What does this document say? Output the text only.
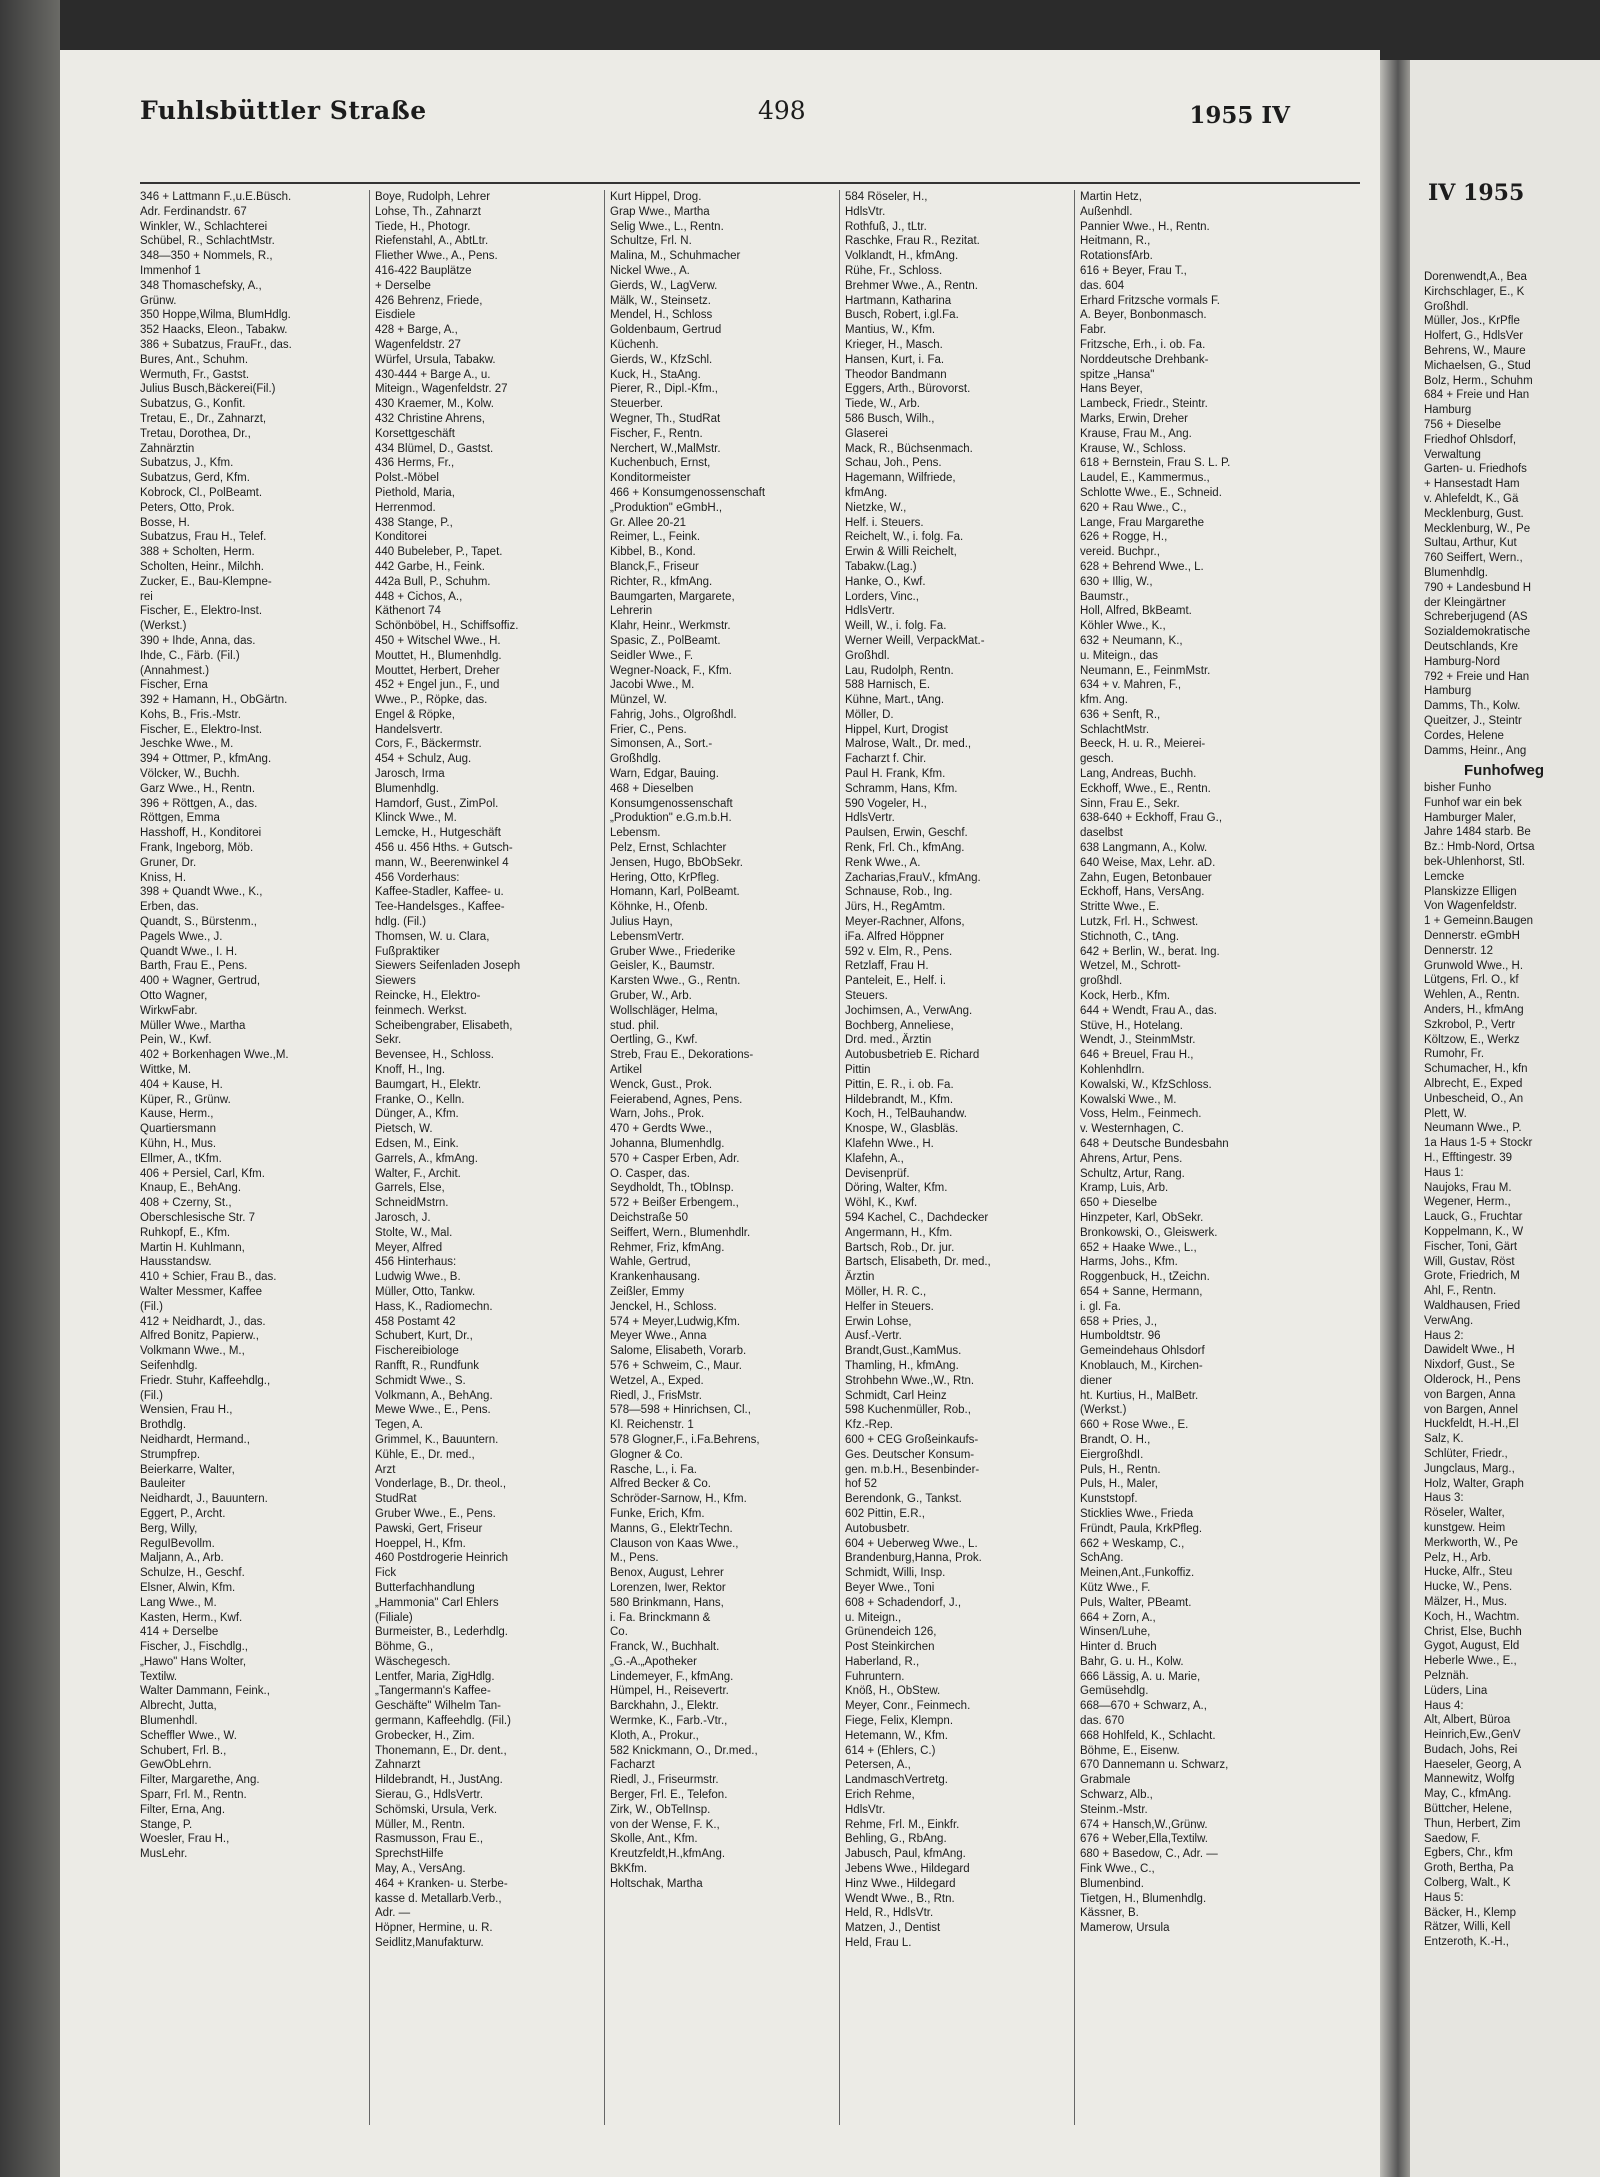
Fuhlsbüttler Straße	498	1955 IV
346 + Lattmann F.,u.E.Büsch.
Adr. Ferdinandstr. 67
Winkler, W., Schlachterei
Schübel, R., SchlachtMstr.
348—350 + Nommels, R.,
Immenhof 1
348 Thomaschefsky, A.,
Grünw.
350 Hoppe,Wilma, BlumHdlg.
352 Haacks, Eleon., Tabakw.
386 + Subatzus, FrauFr., das.
Bures, Ant., Schuhm.
Wermuth, Fr., Gastst.
Julius Busch,Bäckerei(Fil.)
Subatzus, G., Konfit.
Tretau, E., Dr., Zahnarzt,
Tretau, Dorothea, Dr.,
Zahnärztin
Subatzus, J., Kfm.
Subatzus, Gerd, Kfm.
Kobrock, Cl., PolBeamt.
Peters, Otto, Prok.
Bosse, H.
Subatzus, Frau H., Telef.
388 + Scholten, Herm.
Scholten, Heinr., Milchh.
Zucker, E., Bau-Klempne-
rei
Fischer, E., Elektro-Inst.
(Werkst.)
390 + Ihde, Anna, das.
Ihde, C., Färb. (Fil.)
(Annahmest.)
Fischer, Erna
392 + Hamann, H., ObGärtn.
Kohs, B., Fris.-Mstr.
Fischer, E., Elektro-Inst.
Jeschke Wwe., M.
394 + Ottmer, P., kfmAng.
Völcker, W., Buchh.
Garz Wwe., H., Rentn.
396 + Röttgen, A., das.
Röttgen, Emma
Hasshoff, H., Konditorei
Frank, Ingeborg, Möb.
Gruner, Dr.
Kniss, H.
398 + Quandt Wwe., K.,
Erben, das.
Quandt, S., Bürstenm.,
Pagels Wwe., J.
Quandt Wwe., I. H.
Barth, Frau E., Pens.
400 + Wagner, Gertrud,
Otto Wagner,
WirkwFabr.
Müller Wwe., Martha
Pein, W., Kwf.
402 + Borkenhagen Wwe.,M.
Wittke, M.
404 + Kause, H.
Küper, R., Grünw.
Kause, Herm.,
Quartiersmann
Kühn, H., Mus.
Ellmer, A., tKfm.
406 + Persiel, Carl, Kfm.
Knaup, E., BehAng.
408 + Czerny, St.,
Oberschlesische Str. 7
Ruhkopf, E., Kfm.
Martin H. Kuhlmann,
Hausstandsw.
410 + Schier, Frau B., das.
Walter Messmer, Kaffee
(Fil.)
412 + Neidhardt, J., das.
Alfred Bonitz, Papierw.,
Volkmann Wwe., M.,
Seifenhdlg.
Friedr. Stuhr, Kaffeehdlg.,
(Fil.)
Wensien, Frau H.,
Brothdlg.
Neidhardt, Hermand.,
Strumpfrep.
Beierkarre, Walter,
Bauleiter
Neidhardt, J., Bauuntern.
Eggert, P., Archt.
Berg, Willy,
ReguIBevollm.
Maljann, A., Arb.
Schulze, H., Geschf.
Elsner, Alwin, Kfm.
Lang Wwe., M.
Kasten, Herm., Kwf.
414 + Derselbe
Fischer, J., Fischdlg.,
„Hawo" Hans Wolter,
Textilw.
Walter Dammann, Feink.,
Albrecht, Jutta,
Blumenhdl.
Scheffler Wwe., W.
Schubert, Frl. B.,
GewObLehrn.
Filter, Margarethe, Ang.
Sparr, Frl. M., Rentn.
Filter, Erna, Ang.
Stange, P.
Woesler, Frau H.,
MusLehr.
Boye, Rudolph, Lehrer
Lohse, Th., Zahnarzt
Tiede, H., Photogr.
Riefenstahl, A., AbtLtr.
Fliether Wwe., A., Pens.
416-422 Bauplätze
+ Derselbe
426 Behrenz, Friede,
Eisdiele
428 + Barge, A.,
Wagenfeldstr. 27
Würfel, Ursula, Tabakw.
430-444 + Barge A., u.
Miteign., Wagenfeldstr. 27
430 Kraemer, M., Kolw.
432 Christine Ahrens,
Korsettgeschäft
434 Blümel, D., Gastst.
436 Herms, Fr.,
Polst.-Möbel
Piethold, Maria,
Herrenmod.
438 Stange, P.,
Konditorei
440 Bubeleber, P., Tapet.
442 Garbe, H., Feink.
442a Bull, P., Schuhm.
448 + Cichos, A.,
Käthenort 74
Schönböbel, H., Schiffsoffiz.
450 + Witschel Wwe., H.
Mouttet, H., Blumenhdlg.
Mouttet, Herbert, Dreher
452 + Engel jun., F., und
Wwe., P., Röpke, das.
Engel & Röpke,
Handelsvertr.
Cors, F., Bäckermstr.
454 + Schulz, Aug.
Jarosch, Irma
Blumenhdlg.
Hamdorf, Gust., ZimPol.
Klinck Wwe., M.
Lemcke, H., Hutgeschäft
456 u. 456 Hths. + Gutsch-
mann, W., Beerenwinkel 4
456 Vorderhaus:
Kaffee-Stadler, Kaffee- u.
Tee-Handelsges., Kaffee-
hdlg. (Fil.)
Thomsen, W. u. Clara,
Fußpraktiker
Siewers Seifenladen Joseph
Siewers
Reincke, H., Elektro-
feinmech. Werkst.
Scheibengraber, Elisabeth,
Sekr.
Bevensee, H., Schloss.
Knoff, H., Ing.
Baumgart, H., Elektr.
Franke, O., Kelln.
Dünger, A., Kfm.
Pietsch, W.
Edsen, M., Eink.
Garrels, A., kfmAng.
Walter, F., Archit.
Garrels, Else,
SchneidMstrn.
Jarosch, J.
Stolte, W., Mal.
Meyer, Alfred
456 Hinterhaus:
Ludwig Wwe., B.
Müller, Otto, Tankw.
Hass, K., Radiomechn.
458 Postamt 42
Schubert, Kurt, Dr.,
Fischereibiologe
Ranfft, R., Rundfunk
Schmidt Wwe., S.
Volkmann, A., BehAng.
Mewe Wwe., E., Pens.
Tegen, A.
Grimmel, K., Bauuntern.
Kühle, E., Dr. med.,
Arzt
Vonderlage, B., Dr. theol.,
StudRat
Gruber Wwe., E., Pens.
Pawski, Gert, Friseur
Hoeppel, H., Kfm.
460 Postdrogerie Heinrich
Fick
Butterfachhandlung
„Hammonia" Carl Ehlers
(Filiale)
Burmeister, B., Lederhdlg.
Böhme, G.,
Wäschegesch.
Lentfer, Maria, ZigHdlg.
„Tangermann's Kaffee-
Geschäfte" Wilhelm Tan-
germann, Kaffeehdlg. (Fil.)
Grobecker, H., Zim.
Thonemann, E., Dr. dent.,
Zahnarzt
Hildebrandt, H., JustAng.
Sierau, G., HdlsVertr.
Schömski, Ursula, Verk.
Müller, M., Rentn.
Rasmusson, Frau E.,
SprechstHilfe
May, A., VersAng.
464 + Kranken- u. Sterbe-
kasse d. Metallarb.Verb.,
Adr. —
Höpner, Hermine, u. R.
Seidlitz,Manufakturw.
Kurt Hippel, Drog.
Grap Wwe., Martha
Selig Wwe., L., Rentn.
Schultze, Frl. N.
Malina, M., Schuhmacher
Nickel Wwe., A.
Gierds, W., LagVerw.
Mälk, W., Steinsetz.
Mendel, H., Schloss
Goldenbaum, Gertrud
Küchenh.
Gierds, W., KfzSchl.
Kuck, H., StaAng.
Pierer, R., Dipl.-Kfm.,
Steuerber.
Wegner, Th., StudRat
Fischer, F., Rentn.
Nerchert, W.,MalMstr.
Kuchenbuch, Ernst,
Konditormeister
466 + Konsumgenossenschaft
„Produktion" eGmbH.,
Gr. Allee 20-21
Reimer, L., Feink.
Kibbel, B., Kond.
Blanck,F., Friseur
Richter, R., kfmAng.
Baumgarten, Margarete,
Lehrerin
Klahr, Heinr., Werkmstr.
Spasic, Z., PolBeamt.
Seidler Wwe., F.
Wegner-Noack, F., Kfm.
Jacobi Wwe., M.
Münzel, W.
Fahrig, Johs., Olgroßhdl.
Frier, C., Pens.
Simonsen, A., Sort.-
Großhdlg.
Warn, Edgar, Bauing.
468 + Dieselben
Konsumgenossenschaft
„Produktion" e.G.m.b.H.
Lebensm.
Pelz, Ernst, Schlachter
Jensen, Hugo, BbObSekr.
Hering, Otto, KrPfleg.
Homann, Karl, PolBeamt.
Köhnke, H., Ofenb.
Julius Hayn,
LebensmVertr.
Gruber Wwe., Friederike
Geisler, K., Baumstr.
Karsten Wwe., G., Rentn.
Gruber, W., Arb.
Wollschläger, Helma,
stud. phil.
Oertling, G., Kwf.
Streb, Frau E., Dekorations-
Artikel
Wenck, Gust., Prok.
Feierabend, Agnes, Pens.
Warn, Johs., Prok.
470 + Gerdts Wwe.,
Johanna, Blumenhdlg.
570 + Casper Erben, Adr.
O. Casper, das.
Seydholdt, Th., tObInsp.
572 + Beißer Erbengem.,
Deichstraße 50
Seiffert, Wern., Blumenhdlr.
Rehmer, Friz, kfmAng.
Wahle, Gertrud,
Krankenhausang.
Zeißler, Emmy
Jenckel, H., Schloss.
574 + Meyer,Ludwig,Kfm.
Meyer Wwe., Anna
Salome, Elisabeth, Vorarb.
576 + Schweim, C., Maur.
Wetzel, A., Exped.
Riedl, J., FrisMstr.
578—598 + Hinrichsen, Cl.,
Kl. Reichenstr. 1
578 Glogner,F., i.Fa.Behrens,
Glogner & Co.
Rasche, L., i. Fa.
Alfred Becker & Co.
Schröder-Sarnow, H., Kfm.
Funke, Erich, Kfm.
Manns, G., ElektrTechn.
Clauson von Kaas Wwe.,
M., Pens.
Benox, August, Lehrer
Lorenzen, Iwer, Rektor
580 Brinkmann, Hans,
i. Fa. Brinckmann &
Co.
Franck, W., Buchhalt.
„G.-A.„Apotheker
Lindemeyer, F., kfmAng.
Hümpel, H., Reisevertr.
Barckhahn, J., Elektr.
Wermke, K., Farb.-Vtr.,
Kloth, A., Prokur.,
582 Knickmann, O., Dr.med.,
Facharzt
Riedl, J., Friseurmstr.
Berger, Frl. E., Telefon.
Zirk, W., ObTelInsp.
von der Wense, F. K.,
Skolle, Ant., Kfm.
Kreutzfeldt,H.,kfmAng.
BkKfm.
Holtschak, Martha
584 Röseler, H.,
HdlsVtr.
Rothfuß, J., tLtr.
Raschke, Frau R., Rezitat.
Volklandt, H., kfmAng.
Rühe, Fr., Schloss.
Brehmer Wwe., A., Rentn.
Hartmann, Katharina
Busch, Robert, i.gl.Fa.
Mantius, W., Kfm.
Krieger, H., Masch.
Hansen, Kurt, i. Fa.
Theodor Bandmann
Eggers, Arth., Bürovorst.
Tiede, W., Arb.
586 Busch, Wilh.,
Glaserei
Mack, R., Büchsenmach.
Schau, Joh., Pens.
Hagemann, Wilfriede,
kfmAng.
Nietzke, W.,
Helf. i. Steuers.
Reichelt, W., i. folg. Fa.
Erwin & Willi Reichelt,
Tabakw.(Lag.)
Hanke, O., Kwf.
Lorders, Vinc.,
HdlsVertr.
Weill, W., i. folg. Fa.
Werner Weill, VerpackMat.-
Großhdl.
Lau, Rudolph, Rentn.
588 Harnisch, E.
Kühne, Mart., tAng.
Möller, D.
Hippel, Kurt, Drogist
Malrose, Walt., Dr. med.,
Facharzt f. Chir.
Paul H. Frank, Kfm.
Schramm, Hans, Kfm.
590 Vogeler, H.,
HdlsVertr.
Paulsen, Erwin, Geschf.
Renk, Frl. Ch., kfmAng.
Renk Wwe., A.
Zacharias,FrauV., kfmAng.
Schnause, Rob., Ing.
Jürs, H., RegAmtm.
Meyer-Rachner, Alfons,
iFa. Alfred Höppner
592 v. Elm, R., Pens.
Retzlaff, Frau H.
Panteleit, E., Helf. i.
Steuers.
Jochimsen, A., VerwAng.
Bochberg, Anneliese,
Drd. med., Ärztin
Autobusbetrieb E. Richard
Pittin
Pittin, E. R., i. ob. Fa.
Hildebrandt, M., Kfm.
Koch, H., TelBauhandw.
Knospe, W., Glasbläs.
Klafehn Wwe., H.
Klafehn, A.,
Devisenprüf.
Döring, Walter, Kfm.
Wöhl, K., Kwf.
594 Kachel, C., Dachdecker
Angermann, H., Kfm.
Bartsch, Rob., Dr. jur.
Bartsch, Elisabeth, Dr. med.,
Ärztin
Möller, H. R. C.,
Helfer in Steuers.
Erwin Lohse,
Ausf.-Vertr.
Brandt,Gust.,KamMus.
Thamling, H., kfmAng.
Strohbehn Wwe.,W., Rtn.
Schmidt, Carl Heinz
598 Kuchenmüller, Rob.,
Kfz.-Rep.
600 + CEG Großeinkaufs-
Ges. Deutscher Konsum-
gen. m.b.H., Besenbinder-
hof 52
Berendonk, G., Tankst.
602 Pittin, E.R.,
Autobusbetr.
604 + Ueberweg Wwe., L.
Brandenburg,Hanna, Prok.
Schmidt, Willi, Insp.
Beyer Wwe., Toni
608 + Schadendorf, J.,
u. Miteign.,
Grünendeich 126,
Post Steinkirchen
Haberland, R.,
Fuhruntern.
Knöß, H., ObStew.
Meyer, Conr., Feinmech.
Fiege, Felix, Klempn.
Hetemann, W., Kfm.
614 + (Ehlers, C.)
Petersen, A.,
LandmaschVertretg.
Erich Rehme,
HdlsVtr.
Rehme, Frl. M., Einkfr.
Behling, G., RbAng.
Jabusch, Paul, kfmAng.
Jebens Wwe., Hildegard
Hinz Wwe., Hildegard
Wendt Wwe., B., Rtn.
Held, R., HdlsVtr.
Matzen, J., Dentist
Held, Frau L.
Martin Hetz,
Außenhdl.
Pannier Wwe., H., Rentn.
Heitmann, R.,
RotationsfArb.
616 + Beyer, Frau T.,
das. 604
Erhard Fritzsche vormals F.
A. Beyer, Bonbonmasch.
Fabr.
Fritzsche, Erh., i. ob. Fa.
Norddeutsche Drehbank-
spitze „Hansa"
Hans Beyer,
Lambeck, Friedr., Steintr.
Marks, Erwin, Dreher
Krause, Frau M., Ang.
Krause, W., Schloss.
618 + Bernstein, Frau S. L. P.
Laudel, E., Kammermus.,
Schlotte Wwe., E., Schneid.
620 + Rau Wwe., C.,
Lange, Frau Margarethe
626 + Rogge, H.,
vereid. Buchpr.,
628 + Behrend Wwe., L.
630 + Illig, W.,
Baumstr.,
Holl, Alfred, BkBeamt.
Köhler Wwe., K.,
632 + Neumann, K.,
u. Miteign., das
Neumann, E., FeinmMstr.
634 + v. Mahren, F.,
kfm. Ang.
636 + Senft, R.,
SchlachtMstr.
Beeck, H. u. R., Meierei-
gesch.
Lang, Andreas, Buchh.
Eckhoff, Wwe., E., Rentn.
Sinn, Frau E., Sekr.
638-640 + Eckhoff, Frau G.,
daselbst
638 Langmann, A., Kolw.
640 Weise, Max, Lehr. aD.
Zahn, Eugen, Betonbauer
Eckhoff, Hans, VersAng.
Stritte Wwe., E.
Lutzk, Frl. H., Schwest.
Stichnoth, C., tAng.
642 + Berlin, W., berat. Ing.
Wetzel, M., Schrott-
großhdl.
Kock, Herb., Kfm.
644 + Wendt, Frau A., das.
Stüve, H., Hotelang.
Wendt, J., SteinmMstr.
646 + Breuel, Frau H.,
Kohlenhdlrn.
Kowalski, W., KfzSchloss.
Kowalski Wwe., M.
Voss, Helm., Feinmech.
v. Westernhagen, C.
648 + Deutsche Bundesbahn
Ahrens, Artur, Pens.
Schultz, Artur, Rang.
Kramp, Luis, Arb.
650 + Dieselbe
Hinzpeter, Karl, ObSekr.
Bronkowski, O., Gleiswerk.
652 + Haake Wwe., L.,
Harms, Johs., Kfm.
Roggenbuck, H., tZeichn.
654 + Sanne, Hermann,
i. gl. Fa.
658 + Pries, J.,
Humboldtstr. 96
Gemeindehaus Ohlsdorf
Knoblauch, M., Kirchen-
diener
ht. Kurtius, H., MalBetr.
(Werkst.)
660 + Rose Wwe., E.
Brandt, O. H.,
EiergroßhdI.
Puls, H., Rentn.
Puls, H., Maler,
Kunststopf.
Sticklies Wwe., Frieda
Fründt, Paula, KrkPfleg.
662 + Weskamp, C.,
SchAng.
Meinen,Ant.,Funkoffiz.
Kütz Wwe., F.
Puls, Walter, PBeamt.
664 + Zorn, A.,
Winsen/Luhe,
Hinter d. Bruch
Bahr, G. u. H., Kolw.
666 Lässig, A. u. Marie,
Gemüsehdlg.
668—670 + Schwarz, A.,
das. 670
668 Hohlfeld, K., Schlacht.
Böhme, E., Eisenw.
670 Dannemann u. Schwarz,
Grabmale
Schwarz, Alb.,
Steinm.-Mstr.
674 + Hansch,W.,Grünw.
676 + Weber,Ella,Textilw.
680 + Basedow, C., Adr. —
Fink Wwe., C.,
Blumenbind.
Tietgen, H., Blumenhdlg.
Kässner, B.
Mamerow, Ursula
IV 1955
Dorenwendt,A., Bea
Kirchschlager, E., K
Großhdl.
Müller, Jos., KrPfle
Holfert, G., HdlsVer
Behrens, W., Maure
Michaelsen, G., Stud
Bolz, Herm., Schuhm
684 + Freie und Han
Hamburg
756 + Dieselbe
Friedhof Ohlsdorf,
Verwaltung
Garten- u. Friedhofs
+ Hansestadt Ham
v. Ahlefeldt, K., Gä
Mecklenburg, Gust.
Mecklenburg, W., Pe
Sultau, Arthur, Kut
760 Seiffert, Wern.,
Blumenhdlg.
790 + Landesbund H
der Kleingärtner
Schreberjugend (AS
Sozialdemokratische
Deutschlands, Kre
Hamburg-Nord
792 + Freie und Han
Hamburg
Damms, Th., Kolw.
Queitzer, J., Steintr
Cordes, Helene
Damms, Heinr., Ang
Funhofweg
bisher Funho
Funhof war ein bek
Hamburger Maler,
Jahre 1484 starb. Be
Bz.: Hmb-Nord, Ortsa
bek-Uhlenhorst, Stl.
Lemcke
Planskizze Elligen
Von Wagenfeldstr.
1 + Gemeinn.Baugen
Dennerstr. eGmbH
Dennerstr. 12
Grunwold Wwe., H.
Lütgens, Frl. O., kf
Wehlen, A., Rentn.
Anders, H., kfmAng
Szkrobol, P., Vertr
Költzow, E., Werkz
Rumohr, Fr.
Schumacher, H., kfn
Albrecht, E., Exped
Unbescheid, O., An
Plett, W.
Neumann Wwe., P.
1a Haus 1-5 + Stockr
H., Efftingestr. 39
Haus 1:
Naujoks, Frau M.
Wegener, Herm.,
Lauck, G., Fruchtar
Koppelmann, K., W
Fischer, Toni, Gärt
Will, Gustav, Röst
Grote, Friedrich, M
Ahl, F., Rentn.
Waldhausen, Fried
VerwAng.
Haus 2:
Dawidelt Wwe., H
Nixdorf, Gust., Se
Olderock, H., Pens
von Bargen, Anna
von Bargen, Annel
Huckfeldt, H.-H.,El
Salz, K.
Schlüter, Friedr.,
Jungclaus, Marg.,
Holz, Walter, Graph
Haus 3:
Röseler, Walter,
kunstgew. Heim
Merkworth, W., Pe
Pelz, H., Arb.
Hucke, Alfr., Steu
Hucke, W., Pens.
Mälzer, H., Mus.
Koch, H., Wachtm.
Christ, Else, Buchh
Gygot, August, Eld
Heberle Wwe., E.,
Pelznäh.
Lüders, Lina
Haus 4:
Alt, Albert, Büroa
Heinrich,Ew.,GenV
Budach, Johs, Rei
Haeseler, Georg, A
Mannewitz, Wolfg
May, C., kfmAng.
Büttcher, Helene,
Thun, Herbert, Zim
Saedow, F.
Egbers, Chr., kfm
Groth, Bertha, Pa
Colberg, Walt., K
Haus 5:
Bäcker, H., Klemp
Rätzer, Willi, Kell
Entzeroth, K.-H.,
